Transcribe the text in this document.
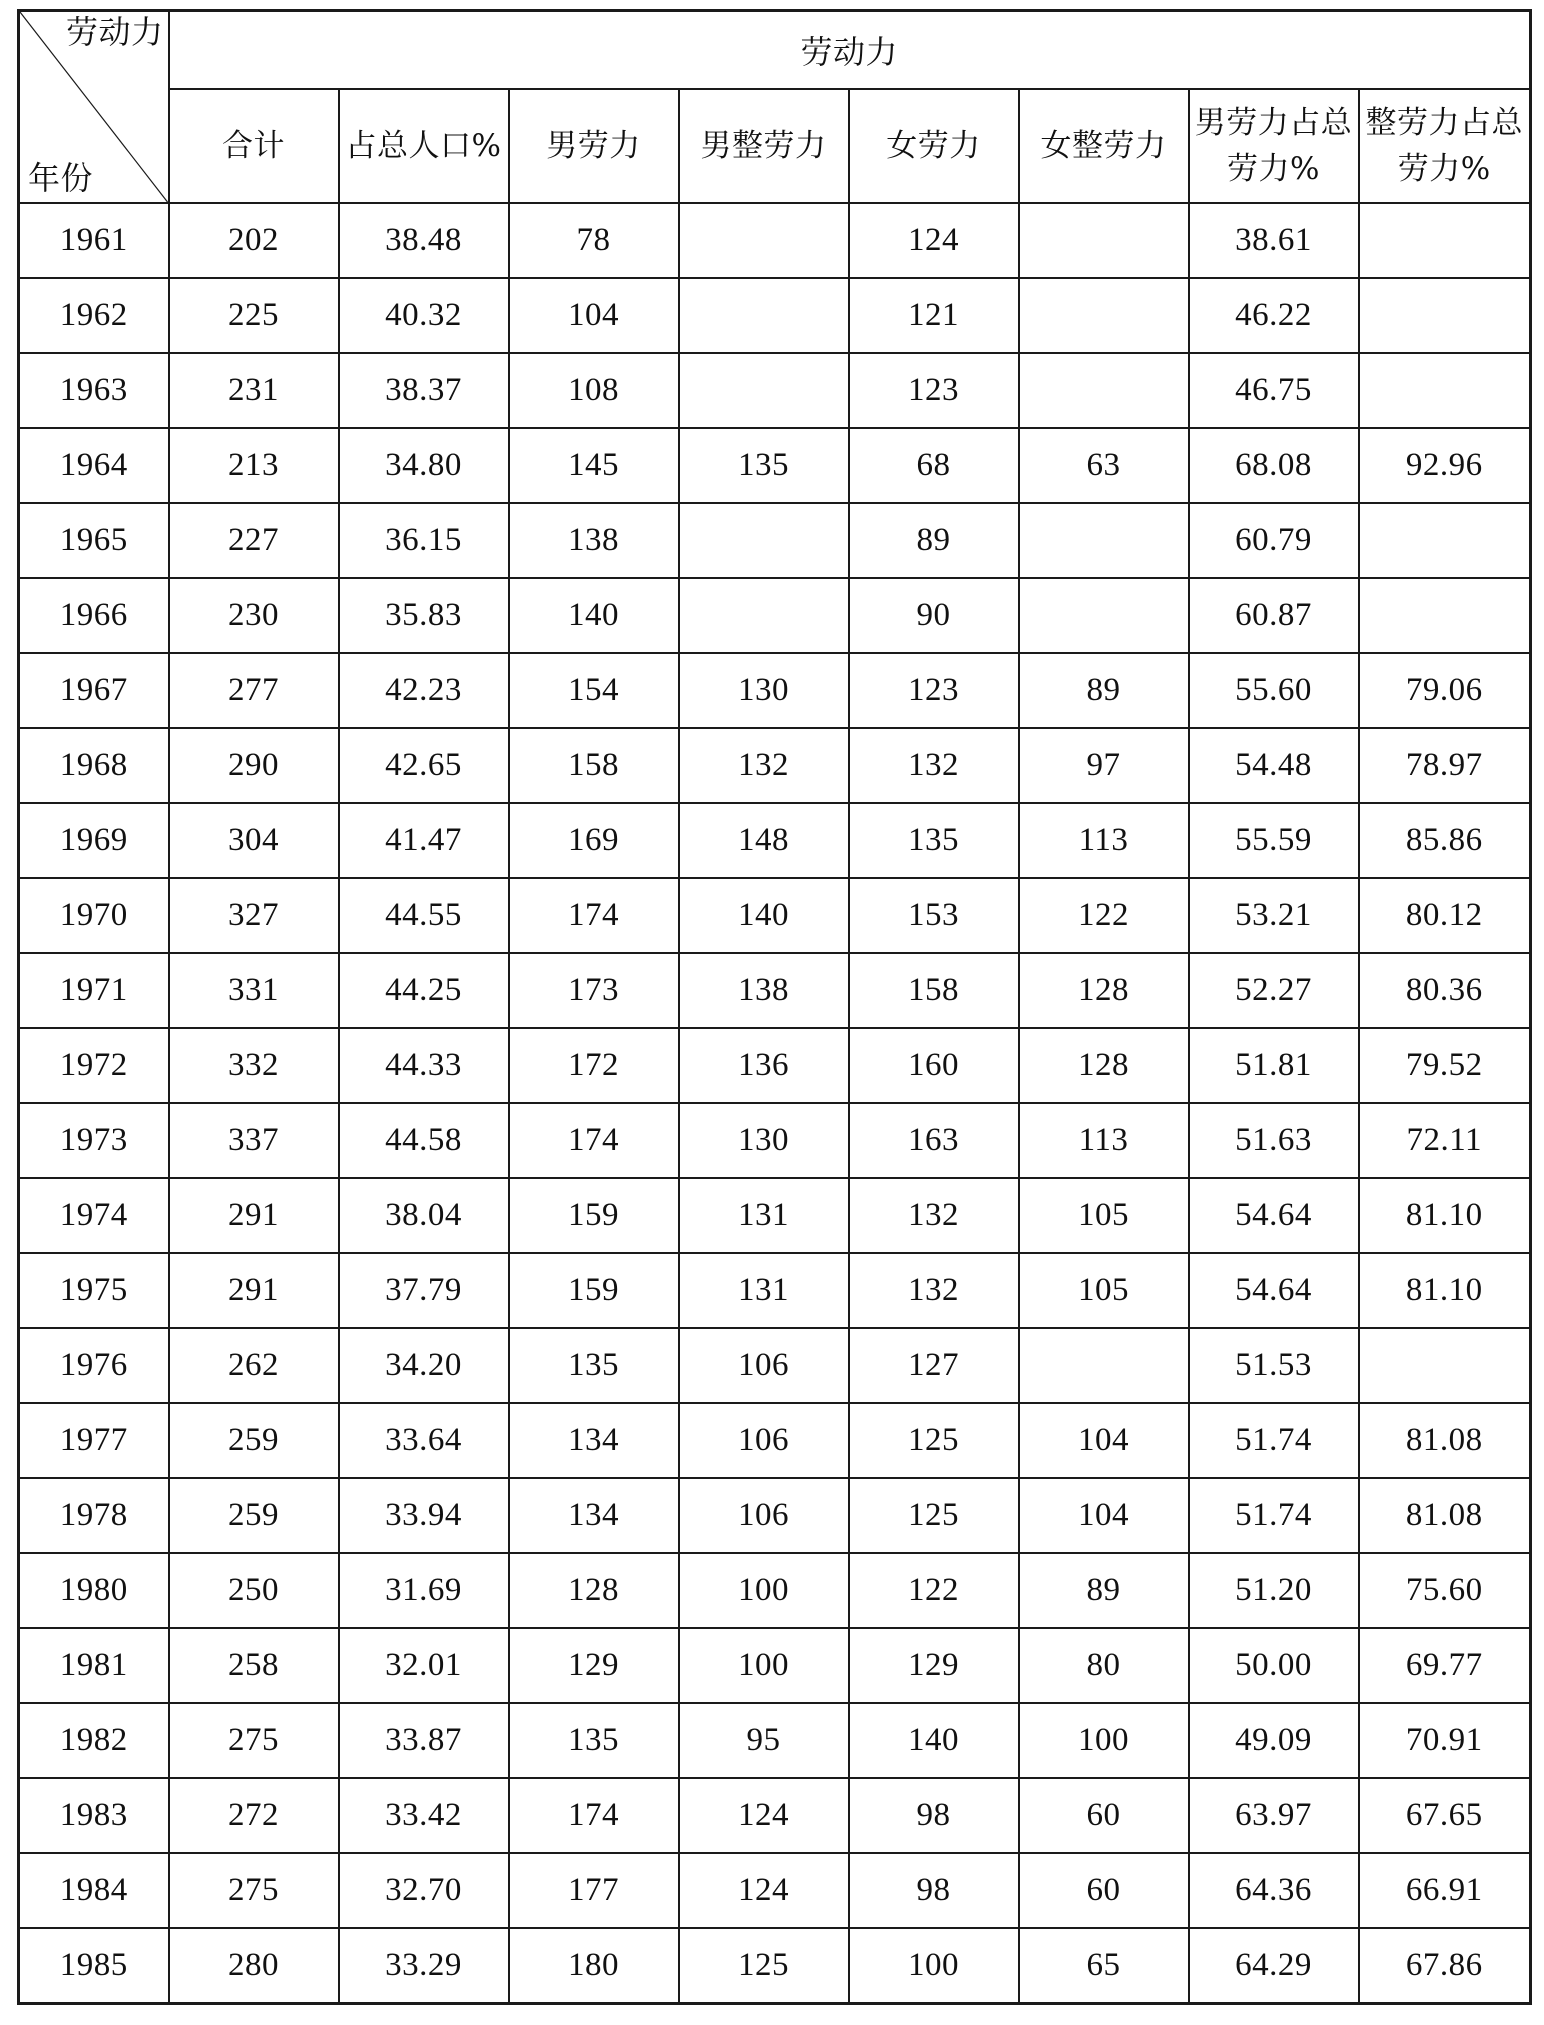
劳动力
年份	劳动力							
	合计	占总人口%	男劳力	男整劳力	女劳力	女整劳力	男劳力占总劳力%	整劳力占总劳力%
1961	202	38.48	78		124		38.61	
1962	225	40.32	104		121		46.22	
1963	231	38.37	108		123		46.75	
1964	213	34.80	145	135	68	63	68.08	92.96
1965	227	36.15	138		89		60.79	
1966	230	35.83	140		90		60.87	
1967	277	42.23	154	130	123	89	55.60	79.06
1968	290	42.65	158	132	132	97	54.48	78.97
1969	304	41.47	169	148	135	113	55.59	85.86
1970	327	44.55	174	140	153	122	53.21	80.12
1971	331	44.25	173	138	158	128	52.27	80.36
1972	332	44.33	172	136	160	128	51.81	79.52
1973	337	44.58	174	130	163	113	51.63	72.11
1974	291	38.04	159	131	132	105	54.64	81.10
1975	291	37.79	159	131	132	105	54.64	81.10
1976	262	34.20	135	106	127		51.53	
1977	259	33.64	134	106	125	104	51.74	81.08
1978	259	33.94	134	106	125	104	51.74	81.08
1980	250	31.69	128	100	122	89	51.20	75.60
1981	258	32.01	129	100	129	80	50.00	69.77
1982	275	33.87	135	95	140	100	49.09	70.91
1983	272	33.42	174	124	98	60	63.97	67.65
1984	275	32.70	177	124	98	60	64.36	66.91
1985	280	33.29	180	125	100	65	64.29	67.86
